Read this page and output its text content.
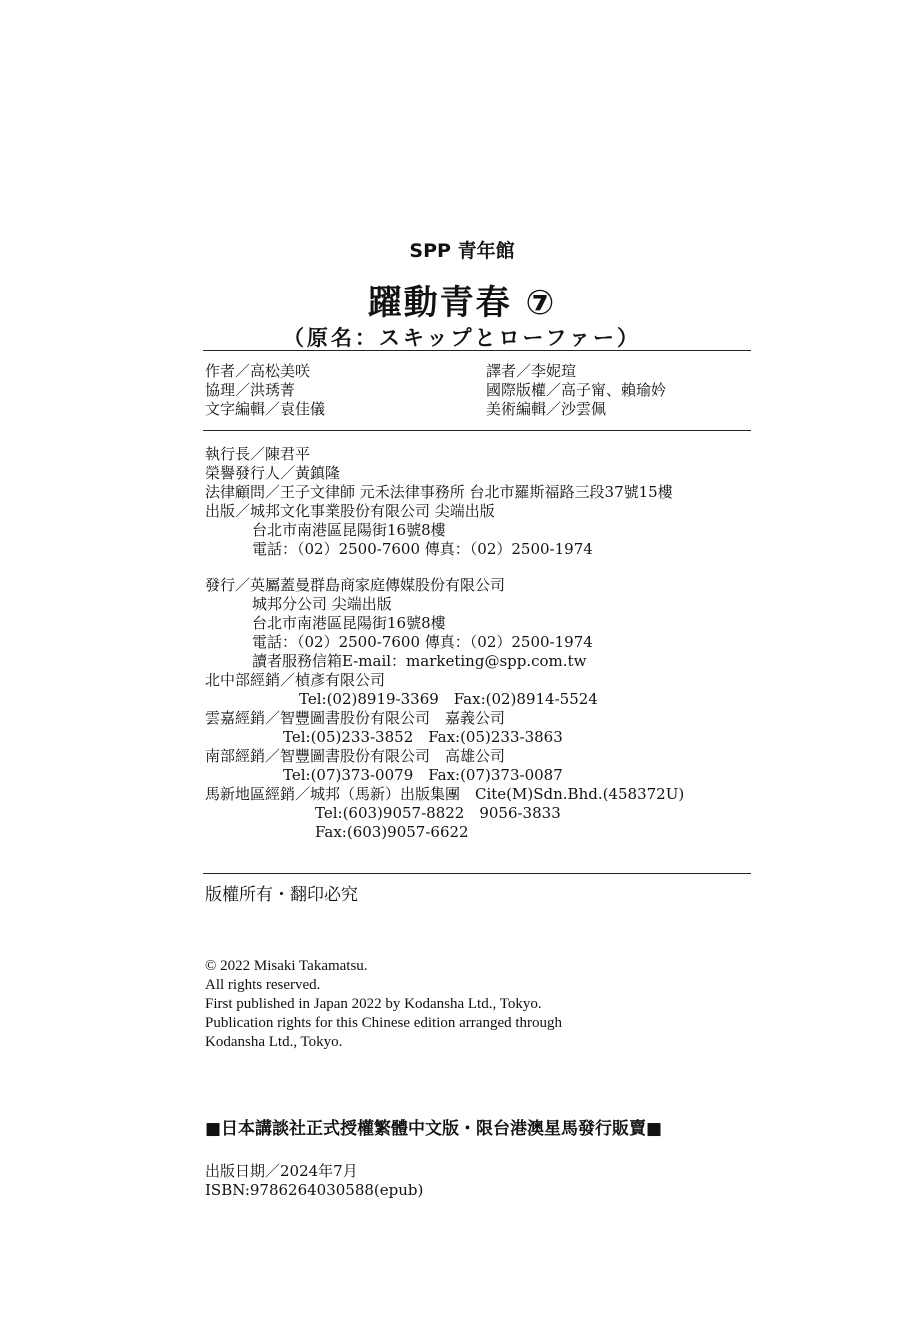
SPP 青年館
躍動青春 ⑦
（原名：スキップとローファー）
作者／高松美咲
協理／洪琇菁
文字編輯／袁佳儀
譯者／李妮瑄
國際版權／高子甯、賴瑜妗
美術編輯／沙雲佩
執行長／陳君平
榮譽發行人／黃鎮隆
法律顧問／王子文律師 元禾法律事務所 台北市羅斯福路三段37號15樓
出版／城邦文化事業股份有限公司 尖端出版
台北市南港區昆陽街16號8樓
電話：（02）2500-7600 傳真：（02）2500-1974
發行／英屬蓋曼群島商家庭傳媒股份有限公司
城邦分公司 尖端出版
台北市南港區昆陽街16號8樓
電話：（02）2500-7600 傳真：（02）2500-1974
讀者服務信箱E-mail：marketing@spp.com.tw
北中部經銷／楨彥有限公司
Tel:(02)8919-3369　Fax:(02)8914-5524
雲嘉經銷／智豐圖書股份有限公司　嘉義公司
Tel:(05)233-3852　Fax:(05)233-3863
南部經銷／智豐圖書股份有限公司　高雄公司
Tel:(07)373-0079　Fax:(07)373-0087
馬新地區經銷／城邦（馬新）出版集團　Cite(M)Sdn.Bhd.(458372U)
Tel:(603)9057-8822　9056-3833
Fax:(603)9057-6622
版權所有・翻印必究
© 2022 Misaki Takamatsu.
All rights reserved.
First published in Japan 2022 by Kodansha Ltd., Tokyo.
Publication rights for this Chinese edition arranged through
Kodansha Ltd., Tokyo.
■日本講談社正式授權繁體中文版・限台港澳星馬發行販賣■
出版日期／2024年7月
ISBN:9786264030588(epub)
